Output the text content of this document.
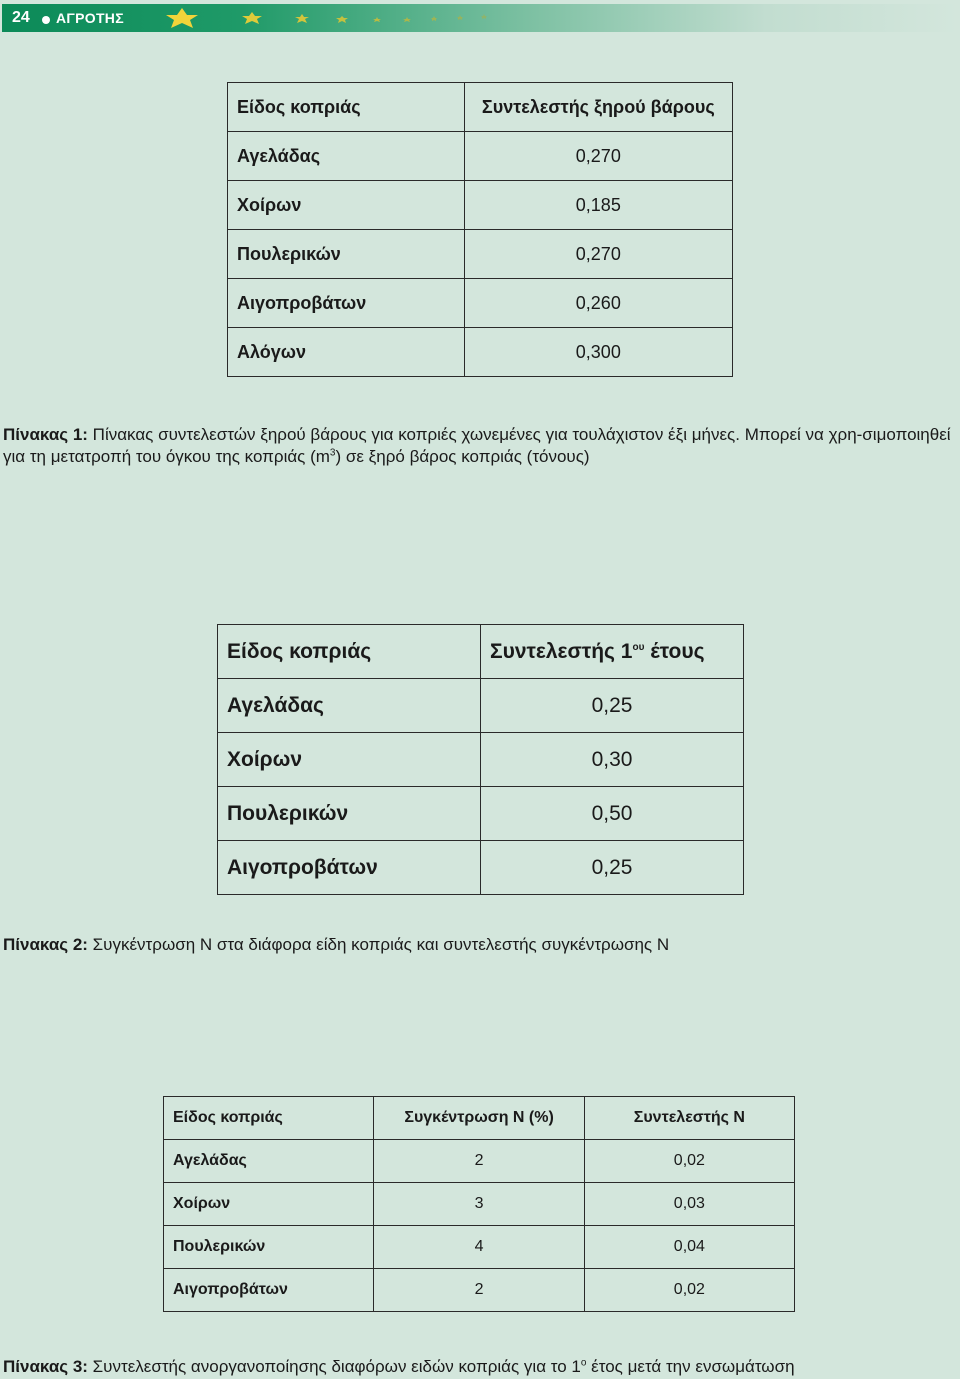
24 ΑΓΡΟΤΗΣ
Είδος κοπριάς	Συντελεστής ξηρού βάρους
Αγελάδας	0,270
Χοίρων	0,185
Πουλερικών	0,270
Αιγοπροβάτων	0,260
Αλόγων	0,300
Πίνακας 1: Πίνακας συντελεστών ξηρού βάρους για κοπριές χωνεμένες για τουλάχιστον έξι μήνες. Μπορεί να χρη-σιμοποιηθεί για τη μετατροπή του όγκου της κοπριάς $(m^3)$ σε ξηρό βάρος κοπριάς (τόνους)
Είδος κοπριάς	Συντελεστής $1^{o\upsilon}$ έτους
Αγελάδας	0,25
Χοίρων	0,30
Πουλερικών	0,50
Αιγοπροβάτων	0,25
Πίνακας 2: Συγκέντρωση Ν στα διάφορα είδη κοπριάς και συντελεστής συγκέντρωσης Ν
Είδος κοπριάς	Συγκέντρωση Ν (%)	Συντελεστής Ν
Αγελάδας	2	0,02
Χοίρων	3	0,03
Πουλερικών	4	0,04
Αιγοπροβάτων	2	0,02
Πίνακας 3: Συντελεστής ανοργανοποίησης διαφόρων ειδών κοπριάς για το $1^o$ έτος μετά την ενσωμάτωση
